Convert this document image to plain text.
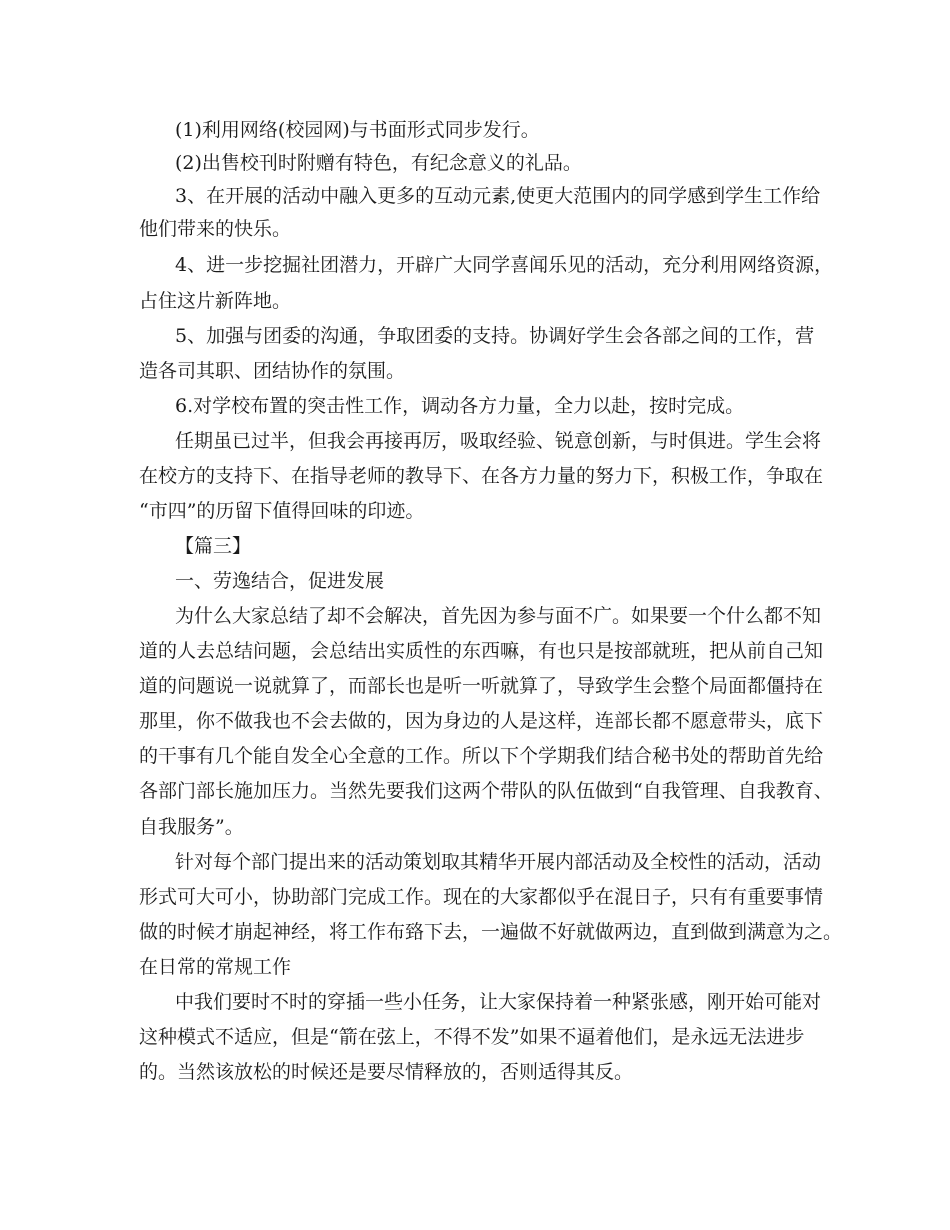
(1)利用网络(校园网)与书面形式同步发行。
(2)出售校刊时附赠有特色，有纪念意义的礼品。
3、在开展的活动中融入更多的互动元素,使更大范围内的同学感到学生工作给
他们带来的快乐。
4、进一步挖掘社团潜力，开辟广大同学喜闻乐见的活动，充分利用网络资源，
占住这片新阵地。
5、加强与团委的沟通，争取团委的支持。协调好学生会各部之间的工作，营
造各司其职、团结协作的氛围。
6.对学校布置的突击性工作，调动各方力量，全力以赴，按时完成。
任期虽已过半，但我会再接再厉，吸取经验、锐意创新，与时俱进。学生会将
在校方的支持下、在指导老师的教导下、在各方力量的努力下，积极工作，争取在
“市四”的历留下值得回味的印迹。
【篇三】
一、劳逸结合，促进发展
为什么大家总结了却不会解决，首先因为参与面不广。如果要一个什么都不知
道的人去总结问题，会总结出实质性的东西嘛，有也只是按部就班，把从前自己知
道的问题说一说就算了，而部长也是听一听就算了，导致学生会整个局面都僵持在
那里，你不做我也不会去做的，因为身边的人是这样，连部长都不愿意带头，底下
的干事有几个能自发全心全意的工作。所以下个学期我们结合秘书处的帮助首先给
各部门部长施加压力。当然先要我们这两个带队的队伍做到“自我管理、自我教育、
自我服务”。
针对每个部门提出来的活动策划取其精华开展内部活动及全校性的活动，活动
形式可大可小，协助部门完成工作。现在的大家都似乎在混日子，只有有重要事情
做的时候才崩起神经，将工作布臵下去，一遍做不好就做两边，直到做到满意为之。
在日常的常规工作
中我们要时不时的穿插一些小任务，让大家保持着一种紧张感，刚开始可能对
这种模式不适应，但是“箭在弦上，不得不发”如果不逼着他们，是永远无法进步
的。当然该放松的时候还是要尽情释放的，否则适得其反。
